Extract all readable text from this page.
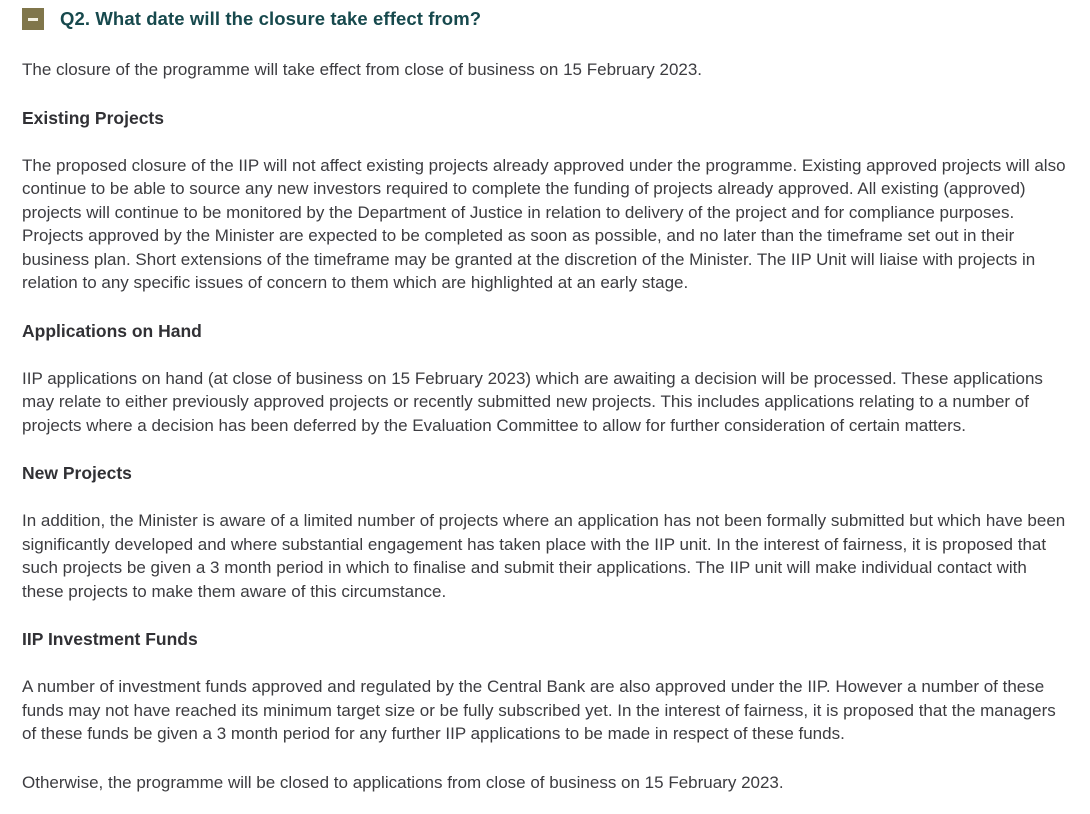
Q2. What date will the closure take effect from?

The closure of the programme will take effect from close of business on 15 February 2023.

Existing Projects

The proposed closure of the IIP will not affect existing projects already approved under the programme. Existing approved projects will also continue to be able to source any new investors required to complete the funding of projects already approved. All existing (approved) projects will continue to be monitored by the Department of Justice in relation to delivery of the project and for compliance purposes. Projects approved by the Minister are expected to be completed as soon as possible, and no later than the timeframe set out in their business plan. Short extensions of the timeframe may be granted at the discretion of the Minister. The IIP Unit will liaise with projects in relation to any specific issues of concern to them which are highlighted at an early stage.

Applications on Hand

IIP applications on hand (at close of business on 15 February 2023) which are awaiting a decision will be processed. These applications may relate to either previously approved projects or recently submitted new projects. This includes applications relating to a number of projects where a decision has been deferred by the Evaluation Committee to allow for further consideration of certain matters.

New Projects

In addition, the Minister is aware of a limited number of projects where an application has not been formally submitted but which have been significantly developed and where substantial engagement has taken place with the IIP unit. In the interest of fairness, it is proposed that such projects be given a 3 month period in which to finalise and submit their applications. The IIP unit will make individual contact with these projects to make them aware of this circumstance.

IIP Investment Funds

A number of investment funds approved and regulated by the Central Bank are also approved under the IIP. However a number of these funds may not have reached its minimum target size or be fully subscribed yet. In the interest of fairness, it is proposed that the managers of these funds be given a 3 month period for any further IIP applications to be made in respect of these funds.

Otherwise, the programme will be closed to applications from close of business on 15 February 2023.
